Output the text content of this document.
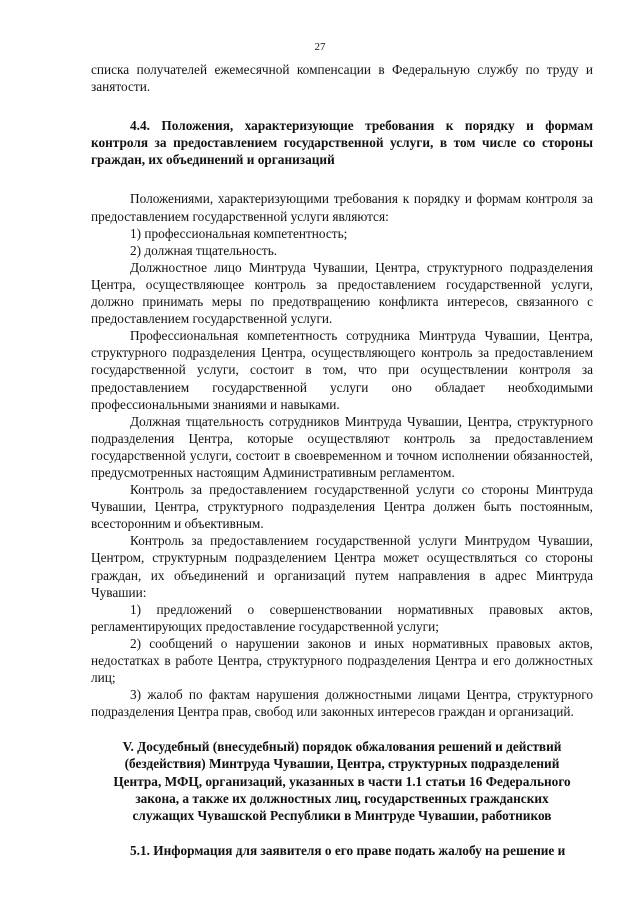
27

списка получателей ежемесячной компенсации в Федеральную службу по труду и занятости.

4.4. Положения, характеризующие требования к порядку и формам контроля за предоставлением государственной услуги, в том числе со стороны граждан, их объединений и организаций

Положениями, характеризующими требования к порядку и формам контроля за предоставлением государственной услуги являются:

1) профессиональная компетентность;

2) должная тщательность.

Должностное лицо Минтруда Чувашии, Центра, структурного подразделения Центра, осуществляющее контроль за предоставлением государственной услуги, должно принимать меры по предотвращению конфликта интересов, связанного с предоставлением государственной услуги.

Профессиональная компетентность сотрудника Минтруда Чувашии, Центра, структурного подразделения Центра, осуществляющего контроль за предоставлением государственной услуги, состоит в том, что при осуществлении контроля за предоставлением государственной услуги оно обладает необходимыми профессиональными знаниями и навыками.

Должная тщательность сотрудников Минтруда Чувашии, Центра, структурного подразделения Центра, которые осуществляют контроль за предоставлением государственной услуги, состоит в своевременном и точном исполнении обязанностей, предусмотренных настоящим Административным регламентом.

Контроль за предоставлением государственной услуги со стороны Минтруда Чувашии, Центра, структурного подразделения Центра должен быть постоянным, всесторонним и объективным.

Контроль за предоставлением государственной услуги Минтрудом Чувашии, Центром, структурным подразделением Центра может осуществляться со стороны граждан, их объединений и организаций путем направления в адрес Минтруда Чувашии:

1) предложений о совершенствовании нормативных правовых актов, регламентирующих предоставление государственной услуги;

2) сообщений о нарушении законов и иных нормативных правовых актов, недостатках в работе Центра, структурного подразделения Центра и его должностных лиц;

3) жалоб по фактам нарушения должностными лицами Центра, структурного подразделения Центра прав, свобод или законных интересов граждан и организаций.

V. Досудебный (внесудебный) порядок обжалования решений и действий (бездействия) Минтруда Чувашии, Центра, структурных подразделений Центра, МФЦ, организаций, указанных в части 1.1 статьи 16 Федерального закона, а также их должностных лиц, государственных гражданских служащих Чувашской Республики в Минтруде Чувашии, работников

5.1. Информация для заявителя о его праве подать жалобу на решение и
